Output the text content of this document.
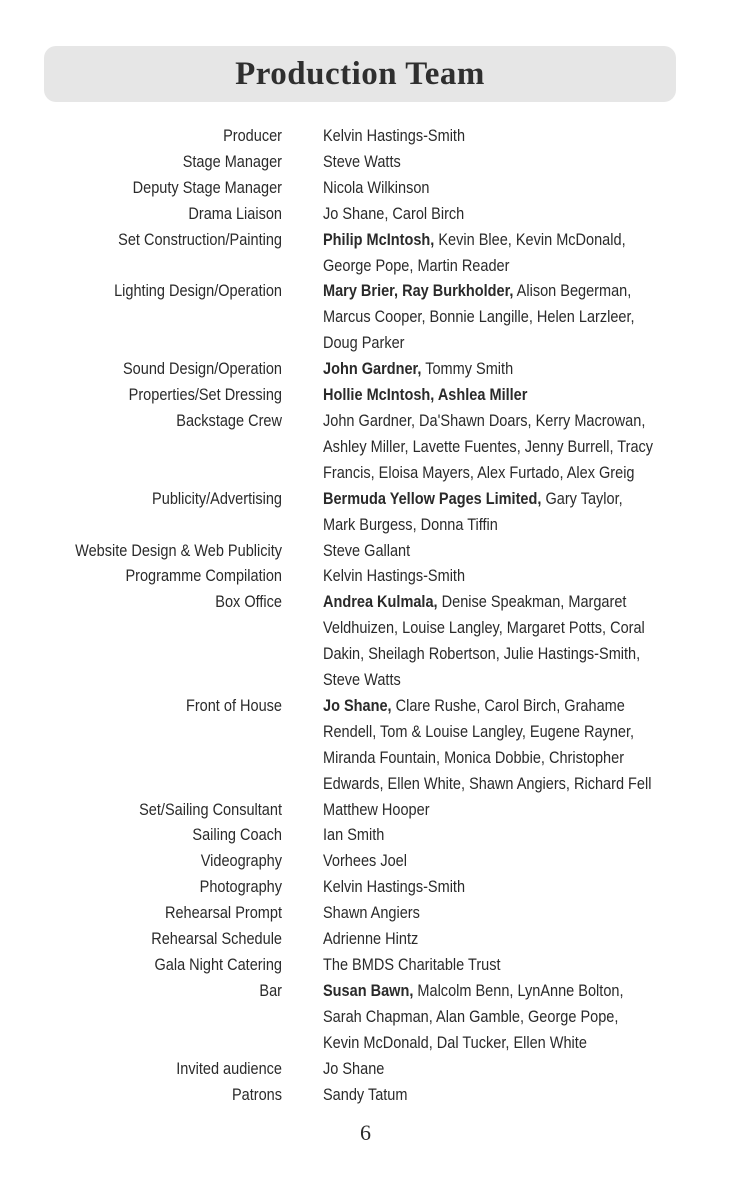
Production Team
Producer Kelvin Hastings-Smith
Stage Manager Steve Watts
Deputy Stage Manager Nicola Wilkinson
Drama Liaison Jo Shane, Carol Birch
Set Construction/Painting Philip McIntosh, Kevin Blee, Kevin McDonald,
George Pope, Martin Reader
Lighting Design/Operation Mary Brier, Ray Burkholder, Alison Begerman,
Marcus Cooper, Bonnie Langille, Helen Larzleer,
Doug Parker
Sound Design/Operation John Gardner, Tommy Smith
Properties/Set Dressing Hollie McIntosh, Ashlea Miller
Backstage Crew John Gardner, Da'Shawn Doars, Kerry Macrowan,
Ashley Miller, Lavette Fuentes, Jenny Burrell, Tracy
Francis, Eloisa Mayers, Alex Furtado, Alex Greig
Publicity/Advertising Bermuda Yellow Pages Limited, Gary Taylor,
Mark Burgess, Donna Tiffin
Website Design & Web Publicity Steve Gallant
Programme Compilation Kelvin Hastings-Smith
Box Office Andrea Kulmala, Denise Speakman, Margaret
Veldhuizen, Louise Langley, Margaret Potts, Coral
Dakin, Sheilagh Robertson, Julie Hastings-Smith,
Steve Watts
Front of House Jo Shane, Clare Rushe, Carol Birch, Grahame
Rendell, Tom & Louise Langley, Eugene Rayner,
Miranda Fountain, Monica Dobbie, Christopher
Edwards, Ellen White, Shawn Angiers, Richard Fell
Set/Sailing Consultant Matthew Hooper
Sailing Coach Ian Smith
Videography Vorhees Joel
Photography Kelvin Hastings-Smith
Rehearsal Prompt Shawn Angiers
Rehearsal Schedule Adrienne Hintz
Gala Night Catering The BMDS Charitable Trust
Bar Susan Bawn, Malcolm Benn, LynAnne Bolton,
Sarah Chapman, Alan Gamble, George Pope,
Kevin McDonald, Dal Tucker, Ellen White
Invited audience Jo Shane
Patrons Sandy Tatum
6
